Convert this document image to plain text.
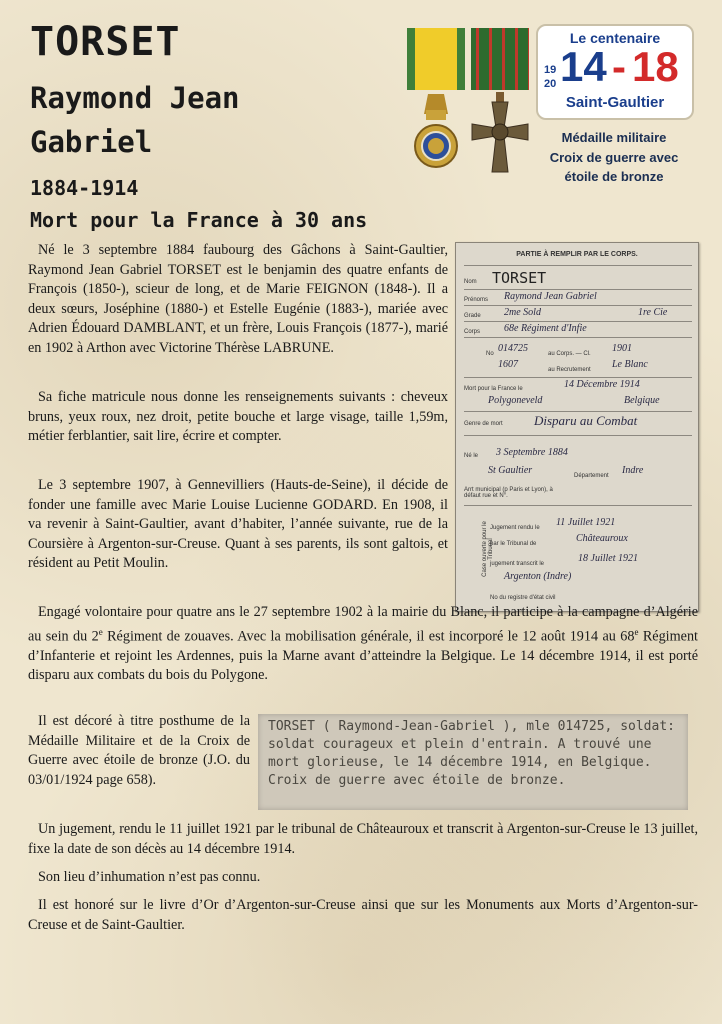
TORSET
Raymond Jean
Gabriel
1884-1914
Mort pour la France à 30 ans
Le centenaire
19
20 14 - 18
Saint-Gaultier
Médaille militaire
Croix de guerre avec
étoile de bronze
PARTIE À REMPLIR PAR LE CORPS.
Nom TORSET
Prénoms Raymond Jean Gabriel
Grade 2me Sold	1re Cie
Corps 68e Régiment d'Infie
No 014725	au Corps. — Cl. 1901
1607	au Recrutement Le Blanc
Mort pour la France le	14 Décembre 1914
Polygoneveld	Belgique
Genre de mort Disparu au Combat
Né le 3 Septembre 1884
St Gaultier	Département Indre
Arrt municipal (p Paris et Lyon), à défaut rue et N°.
Case ouverte pour le Tribunal
Jugement rendu le 11 Juillet 1921
par le Tribunal de	Châteauroux
jugement transcrit le	18 Juillet 1921
Argenton (Indre)
No du registre d'état civil
Né le 3 septembre 1884 faubourg des Gâchons à Saint-Gaultier, Raymond Jean Gabriel TORSET est le benjamin des quatre enfants de François (1850-), scieur de long, et de Marie FEIGNON (1848-). Il a deux sœurs, Joséphine (1880-) et Estelle Eugénie (1883-), mariée avec Adrien Édouard DAMBLANT, et un frère, Louis François (1877-), marié en 1902 à Arthon avec Victorine Thérèse LABRUNE.
Sa fiche matricule nous donne les renseignements suivants : cheveux bruns, yeux roux, nez droit, petite bouche et large visage, taille 1,59m, métier ferblantier, sait lire, écrire et compter.
Le 3 septembre 1907, à Gennevilliers (Hauts-de-Seine), il décide de fonder une famille avec Marie Louise Lucienne GODARD. En 1908, il va revenir à Saint-Gaultier, avant d’habiter, l’année suivante, rue de la Coursière à Argenton-sur-Creuse. Quant à ses parents, ils sont galtois, et résident au Petit Moulin.
Engagé volontaire pour quatre ans le 27 septembre 1902 à la mairie du Blanc, il participe à la campagne d’Algérie au sein du 2e Régiment de zouaves. Avec la mobilisation générale, il est incorporé le 12 août 1914 au 68e Régiment d’Infanterie et rejoint les Ardennes, puis la Marne avant d’atteindre la Belgique. Le 14 décembre 1914, il est porté disparu aux combats du bois du Polygone.
Il est décoré à titre posthume de la Médaille Militaire et de la Croix de Guerre avec étoile de bronze (J.O. du 03/01/1924 page 658).
TORSET ( Raymond-Jean-Gabriel ), mle 014725, soldat: soldat courageux et plein d'entrain. A trouvé une mort glorieuse, le 14 décembre 1914, en Belgique. Croix de guerre avec étoile de bronze.
Un jugement, rendu le 11 juillet 1921 par le tribunal de Châteauroux et transcrit à Argenton-sur-Creuse le 13 juillet, fixe la date de son décès au 14 décembre 1914.
Son lieu d’inhumation n’est pas connu.
Il est honoré sur le livre d’Or d’Argenton-sur-Creuse ainsi que sur les Monuments aux Morts d’Argenton-sur-Creuse et de Saint-Gaultier.
